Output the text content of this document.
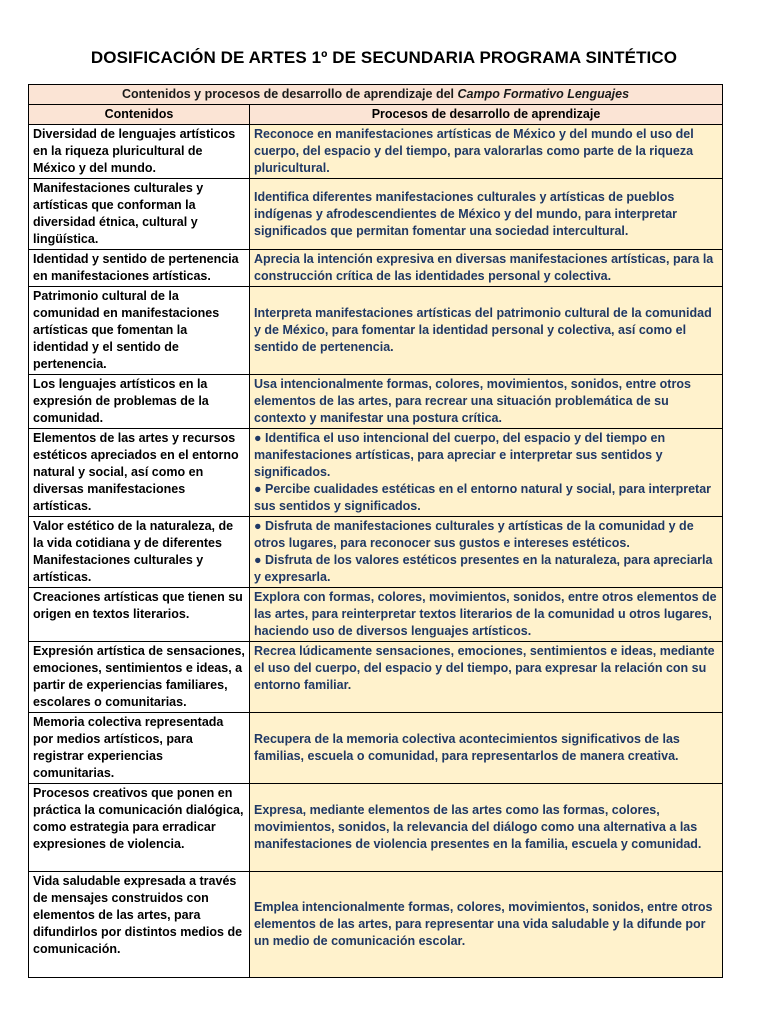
DOSIFICACIÓN DE ARTES 1º DE SECUNDARIA PROGRAMA SINTÉTICO
Contenidos y procesos de desarrollo de aprendizaje del Campo Formativo Lenguajes	
Contenidos	Procesos de desarrollo de aprendizaje
Diversidad de lenguajes artísticos en la riqueza pluricultural de México y del mundo.	Reconoce en manifestaciones artísticas de México y del mundo el uso del cuerpo, del espacio y del tiempo, para valorarlas como parte de la riqueza pluricultural.
Manifestaciones culturales y artísticas que conforman la diversidad étnica, cultural y lingüística.	Identifica diferentes manifestaciones culturales y artísticas de pueblos indígenas y afrodescendientes de México y del mundo, para interpretar significados que permitan fomentar una sociedad intercultural.
Identidad y sentido de pertenencia en manifestaciones artísticas.	Aprecia la intención expresiva en diversas manifestaciones artísticas, para la construcción crítica de las identidades personal y colectiva.
Patrimonio cultural de la comunidad en manifestaciones artísticas que fomentan la identidad y el sentido de pertenencia.	Interpreta manifestaciones artísticas del patrimonio cultural de la comunidad y de México, para fomentar la identidad personal y colectiva, así como el sentido de pertenencia.
Los lenguajes artísticos en la expresión de problemas de la comunidad.	Usa intencionalmente formas, colores, movimientos, sonidos, entre otros elementos de las artes, para recrear una situación problemática de su contexto y manifestar una postura crítica.
Elementos de las artes y recursos estéticos apreciados en el entorno natural y social, así como en diversas manifestaciones artísticas.	● Identifica el uso intencional del cuerpo, del espacio y del tiempo en manifestaciones artísticas, para apreciar e interpretar sus sentidos y significados.
● Percibe cualidades estéticas en el entorno natural y social, para interpretar sus sentidos y significados.

Valor estético de la naturaleza, de la vida cotidiana y de diferentes Manifestaciones culturales y artísticas.	● Disfruta de manifestaciones culturales y artísticas de la comunidad y de otros lugares, para reconocer sus gustos e intereses estéticos.
● Disfruta de los valores estéticos presentes en la naturaleza, para apreciarla y expresarla.

Creaciones artísticas que tienen su origen en textos literarios.	Explora con formas, colores, movimientos, sonidos, entre otros elementos de las artes, para reinterpretar textos literarios de la comunidad u otros lugares, haciendo uso de diversos lenguajes artísticos.
Expresión artística de sensaciones, emociones, sentimientos e ideas, a partir de experiencias familiares, escolares o comunitarias.	Recrea lúdicamente sensaciones, emociones, sentimientos e ideas, mediante el uso del cuerpo, del espacio y del tiempo, para expresar la relación con su entorno familiar.
Memoria colectiva representada por medios artísticos, para registrar experiencias comunitarias.	Recupera de la memoria colectiva acontecimientos significativos de las familias, escuela o comunidad, para representarlos de manera creativa.
Procesos creativos que ponen en práctica la comunicación dialógica, como estrategia para erradicar expresiones de violencia.	Expresa, mediante elementos de las artes como las formas, colores, movimientos, sonidos, la relevancia del diálogo como una alternativa a las manifestaciones de violencia presentes en la familia, escuela y comunidad.
Vida saludable expresada a través de mensajes construidos con elementos de las artes, para difundirlos por distintos medios de comunicación.	Emplea intencionalmente formas, colores, movimientos, sonidos, entre otros elementos de las artes, para representar una vida saludable y la difunde por un medio de comunicación escolar.
